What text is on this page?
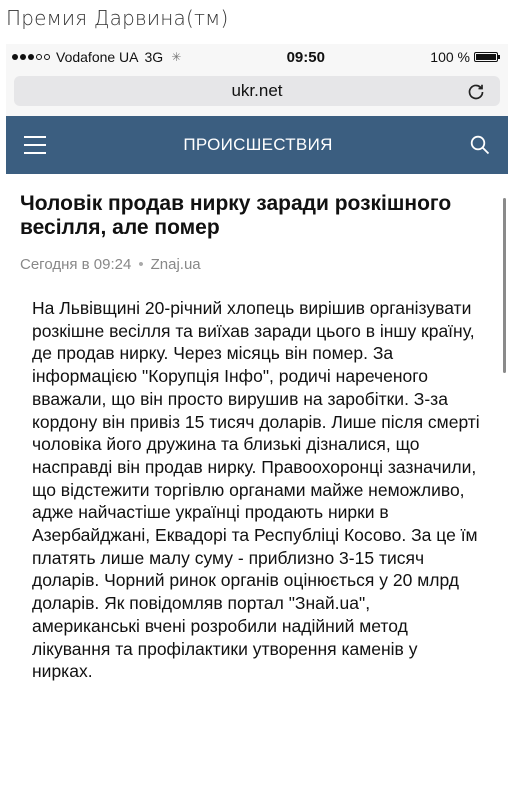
Премия Дарвина(тм)
Vodafone UA 3G ✳	09:50	100 %
ukr.net
ПРОИСШЕСТВИЯ
Чоловік продав нирку заради розкішного весілля, але помер
Сегодня в 09:24 • Znaj.ua

На Львівщині 20-річний хлопець вирішив організувати розкішне весілля та виїхав заради цього в іншу країну, де продав нирку. Через місяць він помер. За інформацією "Корупція Інфо", родичі нареченого вважали, що він просто вирушив на заробітки. З-за кордону він привіз 15 тисяч доларів. Лише після смерті чоловіка його дружина та близькі дізналися, що насправді він продав нирку. Правоохоронці зазначили, що відстежити торгівлю органами майже неможливо, адже найчастіше українці продають нирки в Азербайджані, Еквадорі та Республіці Косово. За це їм платять лише малу суму - приблизно 3-15 тисяч доларів. Чорний ринок органів оцінюється у 20 млрд доларів. Як повідомляв портал "Знай.ua", американські вчені розробили надійний метод лікування та профілактики утворення каменів у нирках.
